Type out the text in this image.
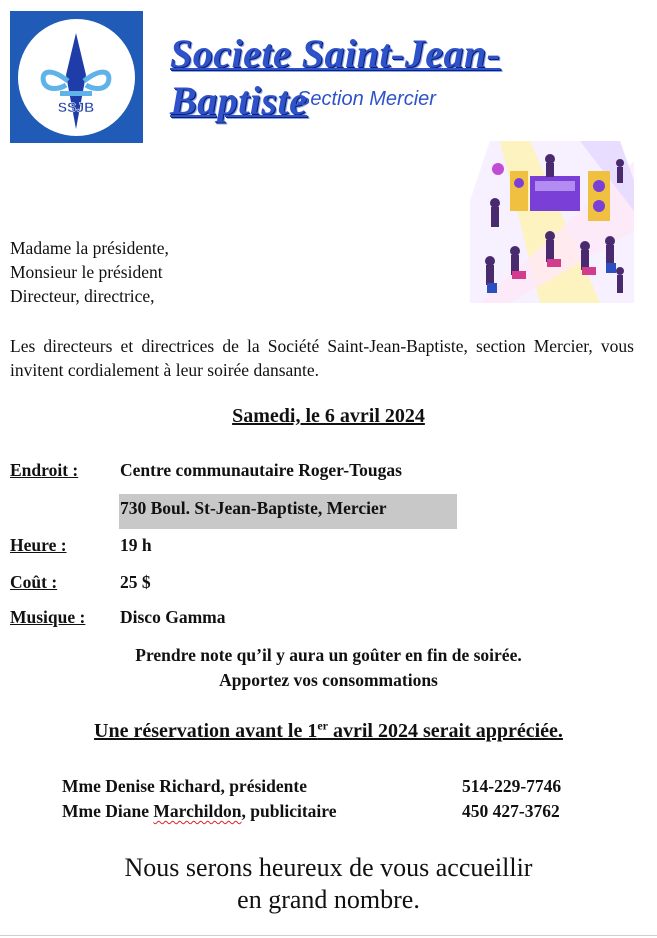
SSJB
Societe Saint-Jean-Baptiste
Section Mercier
Madame la présidente,
Monsieur le président
Directeur, directrice,
Les directeurs et directrices de la Société Saint-Jean-Baptiste, section Mercier, vous invitent cordialement à leur soirée dansante.
Samedi, le 6 avril 2024
Endroit : Centre communautaire Roger-Tougas
730 Boul. St-Jean-Baptiste, Mercier
Heure :	19 h
Coût :	25 $
Musique : Disco Gamma
Prendre note qu’il y aura un goûter en fin de soirée.
Apportez vos consommations
Une réservation avant le 1er avril 2024 serait appréciée.
Mme Denise Richard, présidente	514-229-7746
Mme Diane Marchildon, publicitaire	450 427-3762
Nous serons heureux de vous accueillir
en grand nombre.
